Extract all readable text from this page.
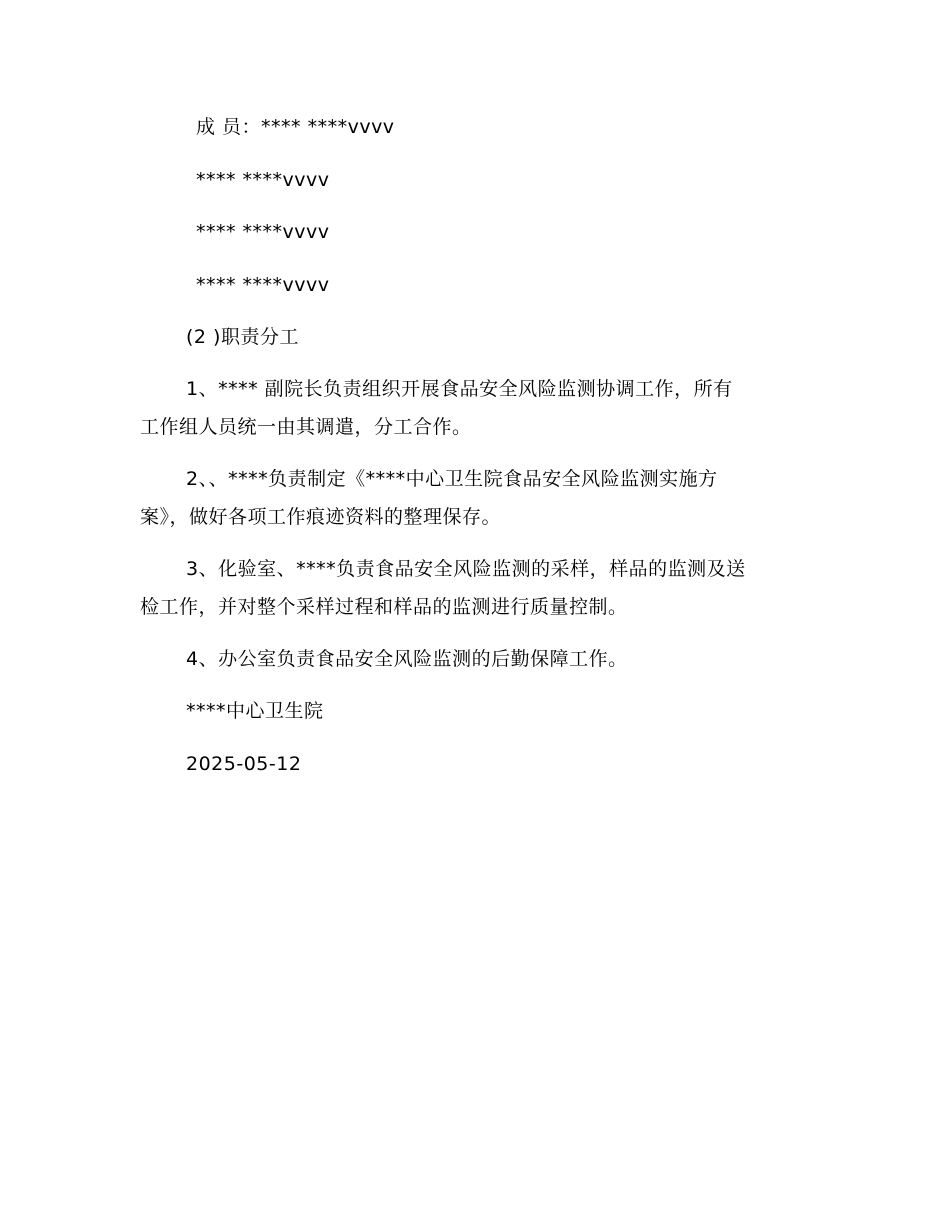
成 员：**** ****vvvv
**** ****vvvv
**** ****vvvv
**** ****vvvv
(2 )职责分工
1、**** 副院长负责组织开展食品安全风险监测协调工作，所有
工作组人员统一由其调遣，分工合作。
2、、****负责制定《****中心卫生院食品安全风险监测实施方
案》，做好各项工作痕迹资料的整理保存。
3、化验室、****负责食品安全风险监测的采样，样品的监测及送
检工作，并对整个采样过程和样品的监测进行质量控制。
4、办公室负责食品安全风险监测的后勤保障工作。
****中心卫生院
2025-05-12
